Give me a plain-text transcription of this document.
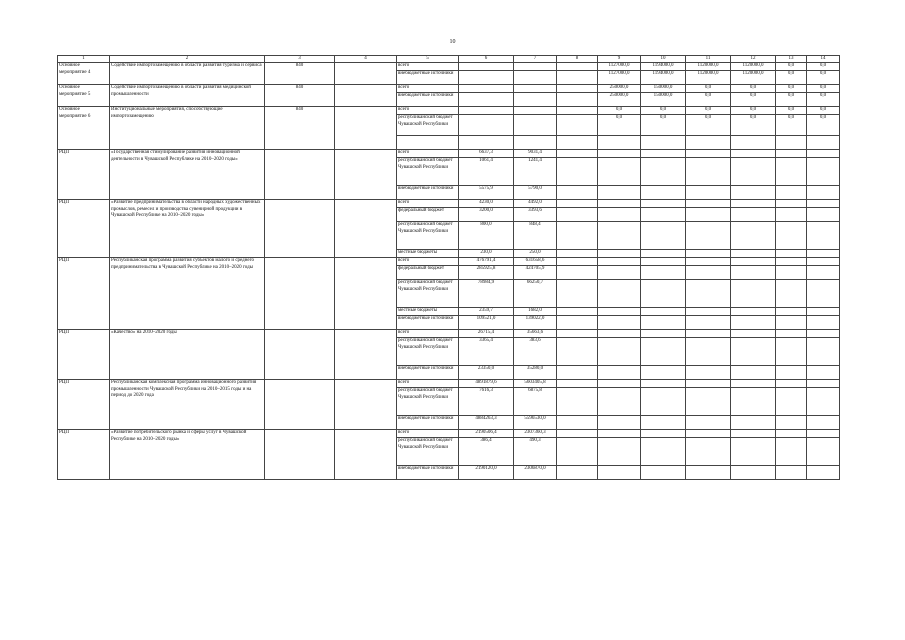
10
1	2	3	4	5	6	7	8	9	10	11	12	13	14
Основное мероприятие 4	Содействие импортозамещению в области развития туризма и сервиса	840		всего				1127000,0	1194000,0	1120000,0	1120000,0	0,0	0,0
				внебюджетные источники				1127000,0	1194000,0	1120000,0	1120000,0	0,0	0,0
Основное мероприятие 5	Содействие импортозамещению в области развития медицинской промышленности	840		всего				250000,0	150000,0	0,0	0,0	0,0	0,0
				внебюджетные источники				250000,0	150000,0	0,0	0,0	0,0	0,0
Основное мероприятие 6	Институциональные мероприятия, способствующие импортозамещению	840		всего				0,0	0,0	0,0	0,0	0,0	0,0
				республиканский бюджет Чувашской Республики				0,0	0,0	0,0	0,0	0,0	0,0

РЦП	«Государственная стимулирование развития инновационной деятельности в Чувашской Республике на 2010–2020 годы»			всего	6637,3	9031,4							
				республиканский бюджет Чувашской Республики	1061,4	1241,4							
				внебюджетные источники	5575,9	5790,0							
РЦП	«Развитие предпринимательства в области народных художественных промыслов, ремесел и производства сувенирной продукции в Чувашской Республике на 2010–2020 годы»			всего	4230,0	4492,0							
				федеральный бюджет	3200,0	3393,6							
				республиканский бюджет Чувашской Республики	800,0	848,4							
				местные бюджеты	230,0	250,0							
РЦП	Республиканская программа развития субъектов малого и среднего предпринимательства в Чувашской Республике на 2010–2020 годы			всего	476791,4	631658,6							
				федеральный бюджет	285925,8	424705,9							
				республиканский бюджет Чувашской Республики	78984,9	66250,7							
				местные бюджеты	2359,7	1682,0							
				внебюджетные источники	109521,0	139022,0							
РЦП	«Качество» на 2010–2020 годы			всего	26715,4	35663,6							
				республиканский бюджет Чувашской Республики	3365,4	383,6							
				внебюджетные источники	23350,0	35280,0							
РЦП	Республиканская комплексная программа инновационного развития промышленности Чувашской Республики на 2010–2015 годы и на период до 2020 года			всего	4891879,6	5603405,8							
				республиканский бюджет Чувашской Республики	7616,3	6875,8							
				внебюджетные источники	4884263,3	5596530,0							
РЦП	«Развитие потребительского рынка и сферы услуг в Чувашской Республике на 2010–2020 годы»			всего	2190506,4	2307360,3							
				республиканский бюджет Чувашской Республики	386,4	490,3							
				внебюджетные источники	2190120,0	2306870,0							
